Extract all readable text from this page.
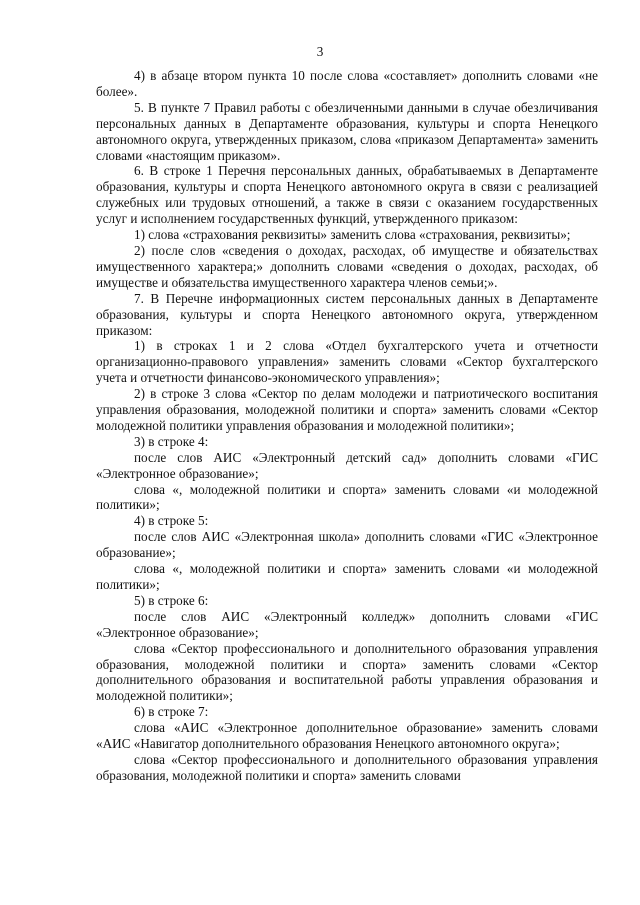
3

4) в абзаце втором пункта 10 после слова «составляет» дополнить словами «не более».

5. В пункте 7 Правил работы с обезличенными данными в случае обезличивания персональных данных в Департаменте образования, культуры и спорта Ненецкого автономного округа, утвержденных приказом, слова «приказом Департамента» заменить словами «настоящим приказом».

6. В строке 1 Перечня персональных данных, обрабатываемых в Департаменте образования, культуры и спорта Ненецкого автономного округа в связи с реализацией служебных или трудовых отношений, а также в связи с оказанием государственных услуг и исполнением государственных функций, утвержденного приказом:

1) слова «страхования реквизиты» заменить слова «страхования, реквизиты»;

2) после слов «сведения о доходах, расходах, об имуществе и обязательствах имущественного характера;» дополнить словами «сведения о доходах, расходах, об имуществе и обязательства имущественного характера членов семьи;».

7. В Перечне информационных систем персональных данных в Департаменте образования, культуры и спорта Ненецкого автономного округа, утвержденном приказом:

1) в строках 1 и 2 слова «Отдел бухгалтерского учета и отчетности организационно-правового управления» заменить словами «Сектор бухгалтерского учета и отчетности финансово-экономического управления»;

2) в строке 3 слова «Сектор по делам молодежи и патриотического воспитания управления образования, молодежной политики и спорта» заменить словами «Сектор молодежной политики управления образования и молодежной политики»;

3) в строке 4:

после слов АИС «Электронный детский сад» дополнить словами «ГИС «Электронное образование»;

слова «, молодежной политики и спорта» заменить словами «и молодежной политики»;

4) в строке 5:

после слов АИС «Электронная школа» дополнить словами «ГИС «Электронное образование»;

слова «, молодежной политики и спорта» заменить словами «и молодежной политики»;

5) в строке 6:

после слов АИС «Электронный колледж» дополнить словами «ГИС «Электронное образование»;

слова «Сектор профессионального и дополнительного образования управления образования, молодежной политики и спорта» заменить словами «Сектор дополнительного образования и воспитательной работы управления образования и молодежной политики»;

6) в строке 7:

слова «АИС «Электронное дополнительное образование» заменить словами «АИС «Навигатор дополнительного образования Ненецкого автономного округа»;

слова «Сектор профессионального и дополнительного образования управления образования, молодежной политики и спорта» заменить словами
